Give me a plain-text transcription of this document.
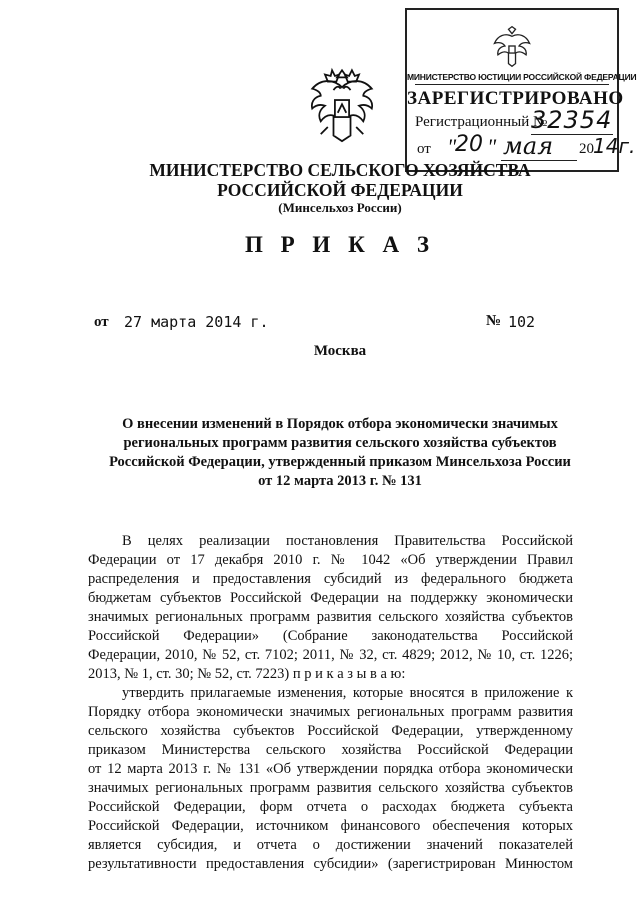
МИНИСТЕРСТВО ЮСТИЦИИ РОССИЙСКОЙ ФЕДЕРАЦИИ
ЗАРЕГИСТРИРОВАНО
Регистрационный №
32354
от "
20 " мая 20 14г.
МИНИСТЕРСТВО СЕЛЬСКОГО ХОЗЯЙСТВА
РОССИЙСКОЙ ФЕДЕРАЦИИ
(Минсельхоз России)
П Р И К А З
от 27 марта 2014 г.	№ 102
Москва
О внесении изменений в Порядок отбора экономически значимых
региональных программ развития сельского хозяйства субъектов
Российской Федерации, утвержденный приказом Минсельхоза России
от 12 марта 2013 г. № 131
В целях реализации постановления Правительства Российской
Федерации от 17 декабря 2010 г. № 1042 «Об утверждении Правил
распределения и предоставления субсидий из федерального бюджета
бюджетам субъектов Российской Федерации на поддержку экономически
значимых региональных программ развития сельского хозяйства субъектов
Российской Федерации» (Собрание законодательства Российской
Федерации, 2010, № 52, ст. 7102; 2011, № 32, ст. 4829; 2012, № 10, ст. 1226;
2013, № 1, ст. 30; № 52, ст. 7223) п р и к а з ы в а ю:
утвердить прилагаемые изменения, которые вносятся в приложение к
Порядку отбора экономически значимых региональных программ развития
сельского хозяйства субъектов Российской Федерации, утвержденному
приказом Министерства сельского хозяйства Российской Федерации
от 12 марта 2013 г. № 131 «Об утверждении порядка отбора экономически
значимых региональных программ развития сельского хозяйства субъектов
Российской Федерации, форм отчета о расходах бюджета субъекта
Российской Федерации, источником финансового обеспечения которых
является субсидия, и отчета о достижении значений показателей
результативности предоставления субсидии» (зарегистрирован Минюстом
